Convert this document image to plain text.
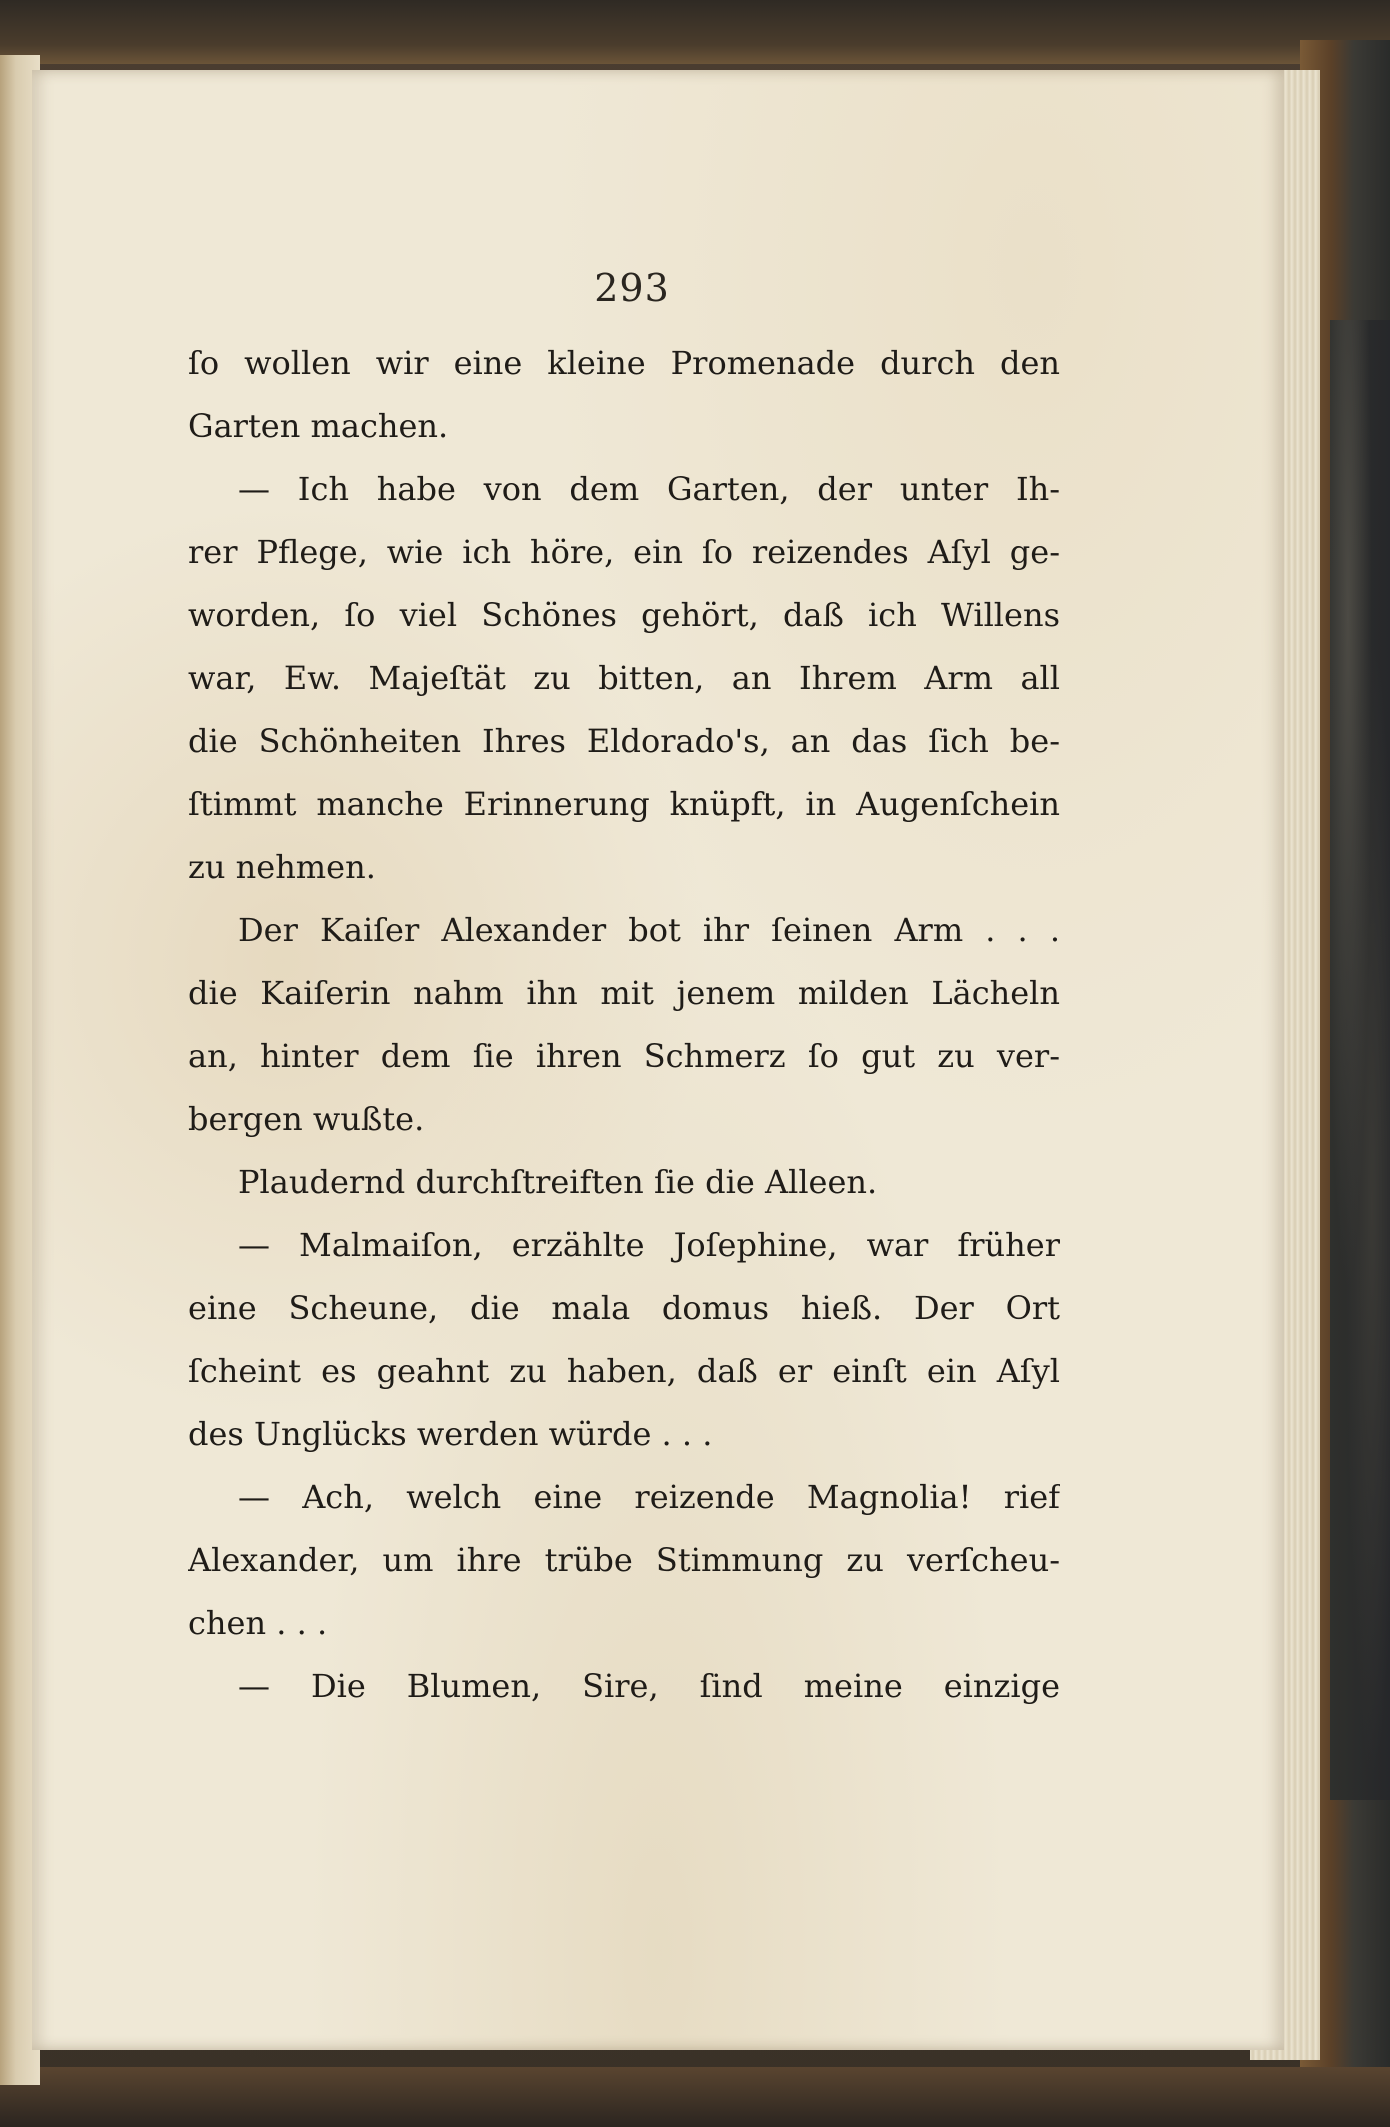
293

ſo wollen wir eine kleine Promenade durch den
Garten machen.
— Ich habe von dem Garten, der unter Ih-
rer Pflege, wie ich höre, ein ſo reizendes Aſyl ge-
worden, ſo viel Schönes gehört, daß ich Willens
war, Ew. Majeſtät zu bitten, an Ihrem Arm all
die Schönheiten Ihres Eldorado's, an das ſich be-
ſtimmt manche Erinnerung knüpft, in Augenſchein
zu nehmen.
Der Kaiſer Alexander bot ihr ſeinen Arm . . .
die Kaiſerin nahm ihn mit jenem milden Lächeln
an, hinter dem ſie ihren Schmerz ſo gut zu ver-
bergen wußte.
Plaudernd durchſtreiften ſie die Alleen.
— Malmaiſon, erzählte Joſephine, war früher
eine Scheune, die mala domus hieß. Der Ort
ſcheint es geahnt zu haben, daß er einſt ein Aſyl
des Unglücks werden würde . . .
— Ach, welch eine reizende Magnolia! rief
Alexander, um ihre trübe Stimmung zu verſcheu-
chen . . .
— Die Blumen, Sire, ſind meine einzige
